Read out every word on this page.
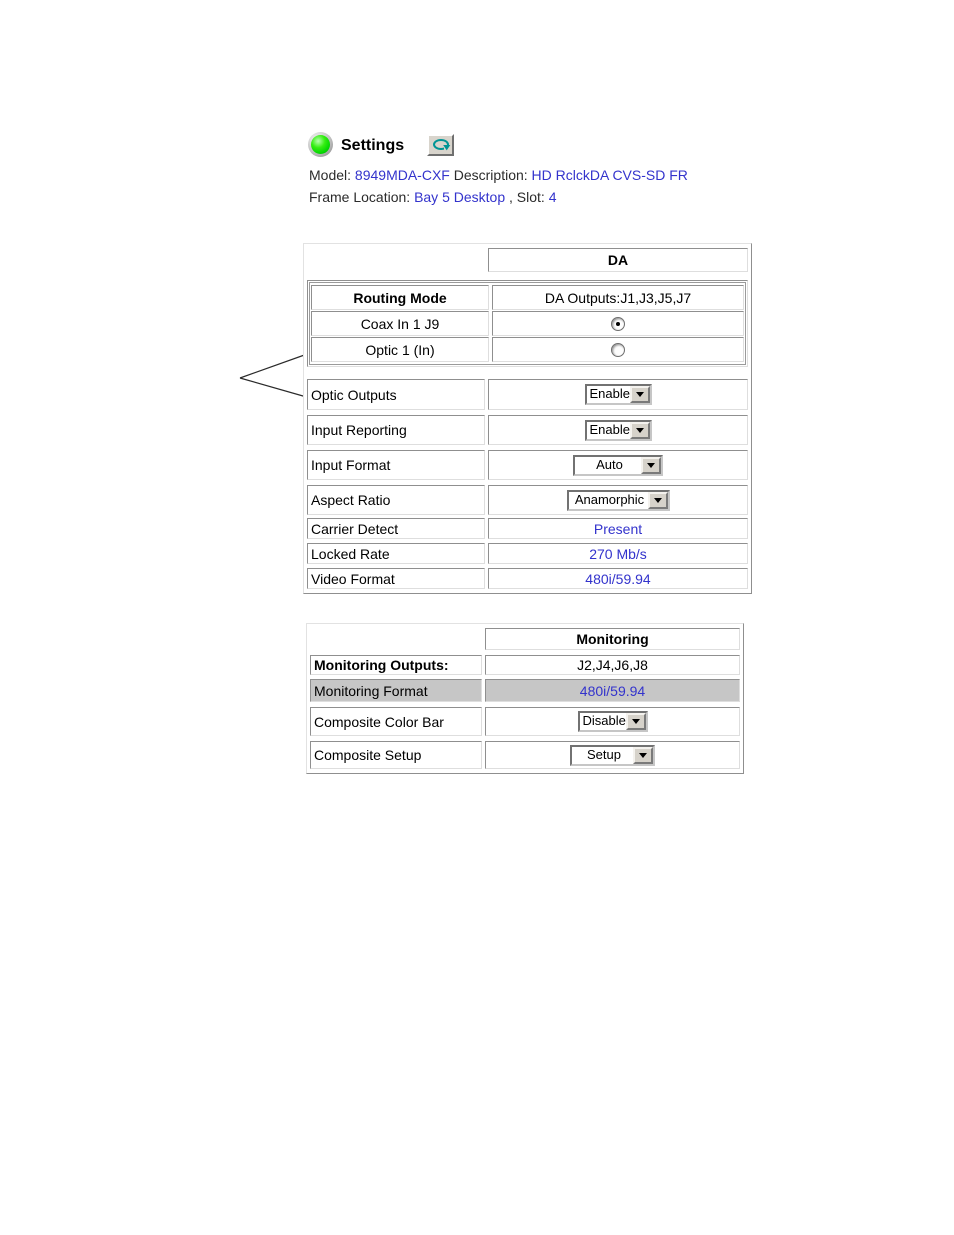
Settings
Model: 8949MDA-CXF Description: HD RclckDA CVS-SD FR
Frame Location: Bay 5 Desktop , Slot: 4
DA
Routing Mode	DA Outputs:J1,J3,J5,J7
Coax In 1 J9
Optic 1 (In)
Optic Outputs	Enable
Input Reporting	Enable
Input Format	Auto
Aspect Ratio	Anamorphic
Carrier Detect	Present
Locked Rate	270 Mb/s
Video Format	480i/59.94
Monitoring
Monitoring Outputs:	J2,J4,J6,J8
Monitoring Format	480i/59.94
Composite Color Bar	Disable
Composite Setup	Setup
